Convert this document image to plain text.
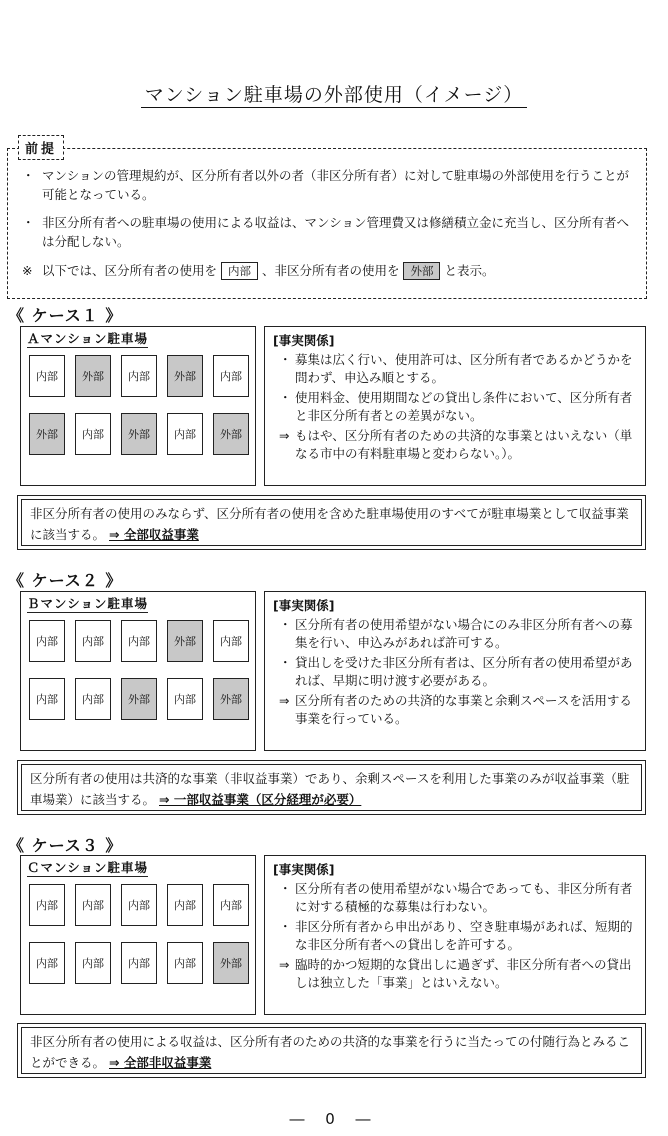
マンション駐車場の外部使用（イメージ）
前提
・ マンションの管理規約が、区分所有者以外の者（非区分所有者）に対して駐車場の外部使用を行うことが可能となっている。
・ 非区分所有者への駐車場の使用による収益は、マンション管理費又は修繕積立金に充当し、区分所有者へは分配しない。
※ 以下では、区分所有者の使用を 内部 、非区分所有者の使用を 外部 と表示。
《 ケース１ 》
Ａマンション駐車場
内部	外部	内部	外部	内部
外部	内部	外部	内部	外部
[事実関係]
・ 募集は広く行い、使用許可は、区分所有者であるかどうかを問わず、申込み順とする。
・ 使用料金、使用期間などの貸出し条件において、区分所有者と非区分所有者との差異がない。
⇒ もはや、区分所有者のための共済的な事業とはいえない（単なる市中の有料駐車場と変わらない。）。
非区分所有者の使用のみならず、区分所有者の使用を含めた駐車場使用のすべてが駐車場業として収益事業に該当する。 ⇒ 全部収益事業
《 ケース２ 》
Ｂマンション駐車場
内部	内部	内部	外部	内部
内部	内部	外部	内部	外部
[事実関係]
・ 区分所有者の使用希望がない場合にのみ非区分所有者への募集を行い、申込みがあれば許可する。
・ 貸出しを受けた非区分所有者は、区分所有者の使用希望があれば、早期に明け渡す必要がある。
⇒ 区分所有者のための共済的な事業と余剰スペースを活用する事業を行っている。
区分所有者の使用は共済的な事業（非収益事業）であり、余剰スペースを利用した事業のみが収益事業（駐車場業）に該当する。 ⇒ 一部収益事業（区分経理が必要）
《 ケース３ 》
Ｃマンション駐車場
内部	内部	内部	内部	内部
内部	内部	内部	内部	外部
[事実関係]
・ 区分所有者の使用希望がない場合であっても、非区分所有者に対する積極的な募集は行わない。
・ 非区分所有者から申出があり、空き駐車場があれば、短期的な非区分所有者への貸出しを許可する。
⇒ 臨時的かつ短期的な貸出しに過ぎず、非区分所有者への貸出しは独立した「事業」とはいえない。
非区分所有者の使用による収益は、区分所有者のための共済的な事業を行うに当たっての付随行為とみることができる。 ⇒ 全部非収益事業
― 0 ―
